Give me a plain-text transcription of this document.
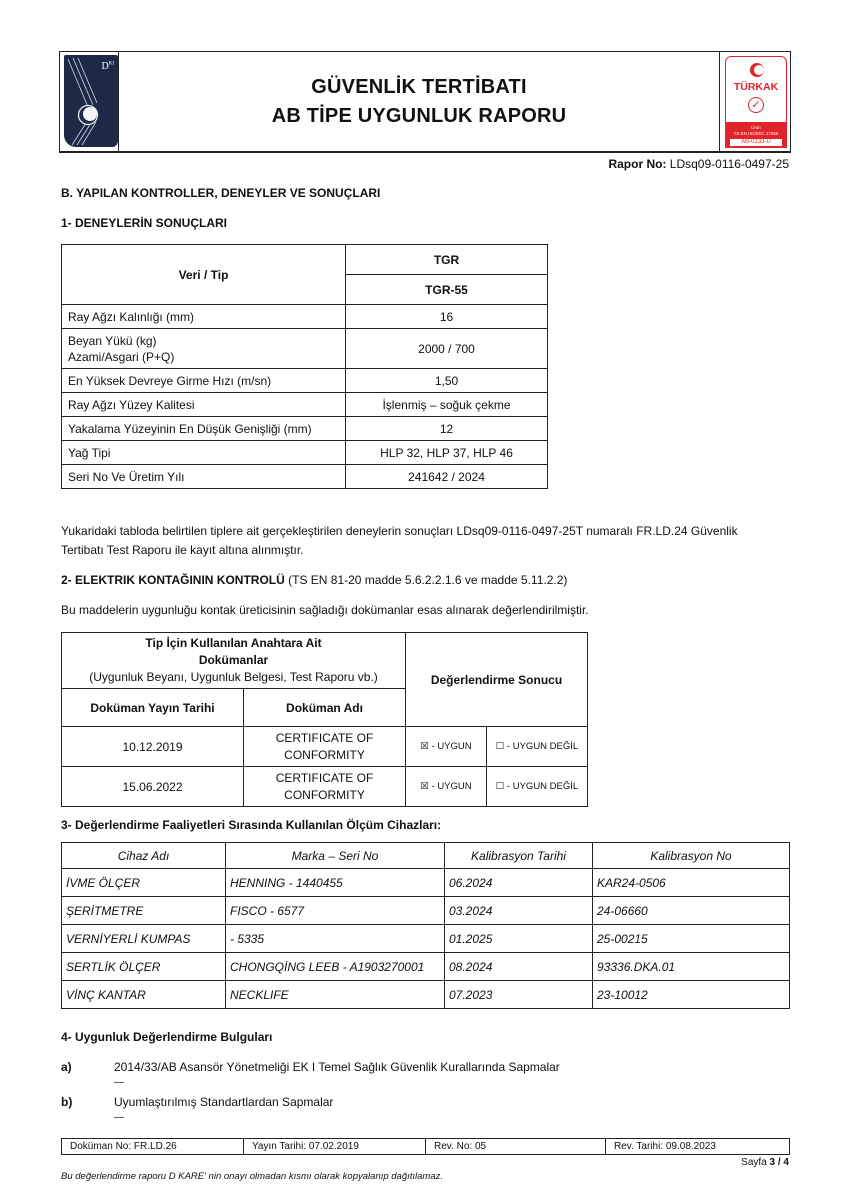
$D^{KI}$
GÜVENLİK TERTİBATI
AB TİPE UYGUNLUK RAPORU
TÜRKAK
✓
Ürün
TS EN ISO/IEC 17065
AB-0133-U
Rapor No: LDsq09-0116-0497-25
B. YAPILAN KONTROLLER, DENEYLER VE SONUÇLARI
1- DENEYLERİN SONUÇLARI
Veri / Tip	TGR
	TGR-55
Ray Ağzı Kalınlığı (mm)	16
Beyan Yükü (kg)
Azami/Asgari (P+Q)	2000 / 700
En Yüksek Devreye Girme Hızı (m/sn)	1,50
Ray Ağzı Yüzey Kalitesi	İşlenmiş – soğuk çekme
Yakalama Yüzeyinin En Düşük Genişliği (mm)	12
Yağ Tipi	HLP 32, HLP 37, HLP 46
Seri No Ve Üretim Yılı	241642 / 2024
Yukaridaki tabloda belirtilen tiplere ait gerçekleştirilen deneylerin sonuçları LDsq09-0116-0497-25T numaralı FR.LD.24 Güvenlik
Tertibatı Test Raporu ile kayıt altına alınmıştır.
2- ELEKTRIK KONTAĞININ KONTROLÜ (TS EN 81-20 madde 5.6.2.2.1.6 ve madde 5.11.2.2)
Bu maddelerin uygunluğu kontak üreticisinin sağladığı dokümanlar esas alınarak değerlendirilmiştir.
Tip İçin Kullanılan Anahtara Ait
Dokümanlar
(Uygunluk Beyanı, Uygunluk Belgesi, Test Raporu vb.)		Değerlendirme Sonucu	
Doküman Yayın Tarihi	Doküman Adı		
10.12.2019	CERTIFICATE OF
CONFORMITY	☒ - UYGUN	☐ - UYGUN DEĞİL
15.06.2022	CERTIFICATE OF
CONFORMITY	☒ - UYGUN	☐ - UYGUN DEĞİL
3- Değerlendirme Faaliyetleri Sırasında Kullanılan Ölçüm Cihazları:
Cihaz Adı	Marka – Seri No	Kalibrasyon Tarihi	Kalibrasyon No
İVME ÖLÇER	HENNING - 1440455	06.2024	KAR24-0506
ŞERİTMETRE	FISCO - 6577	03.2024	24-06660
VERNİYERLİ KUMPAS	- 5335	01.2025	25-00215
SERTLİK ÖLÇER	CHONGQİNG LEEB - A1903270001	08.2024	93336.DKA.01
VİNÇ KANTAR	NECKLIFE	07.2023	23-10012
4- Uygunluk Değerlendirme Bulguları
a)	2014/33/AB Asansör Yönetmeliği EK I Temel Sağlık Güvenlik Kurallarında Sapmalar
—
b)	Uyumlaştırılmış Standartlardan Sapmalar
—
Doküman No: FR.LD.26	Yayın Tarihi: 07.02.2019	Rev. No: 05	Rev. Tarihi: 09.08.2023
Sayfa 3 / 4
Bu değerlendirme raporu D KARE' nin onayı olmadan kısmı olarak kopyalanıp dağıtılamaz.
